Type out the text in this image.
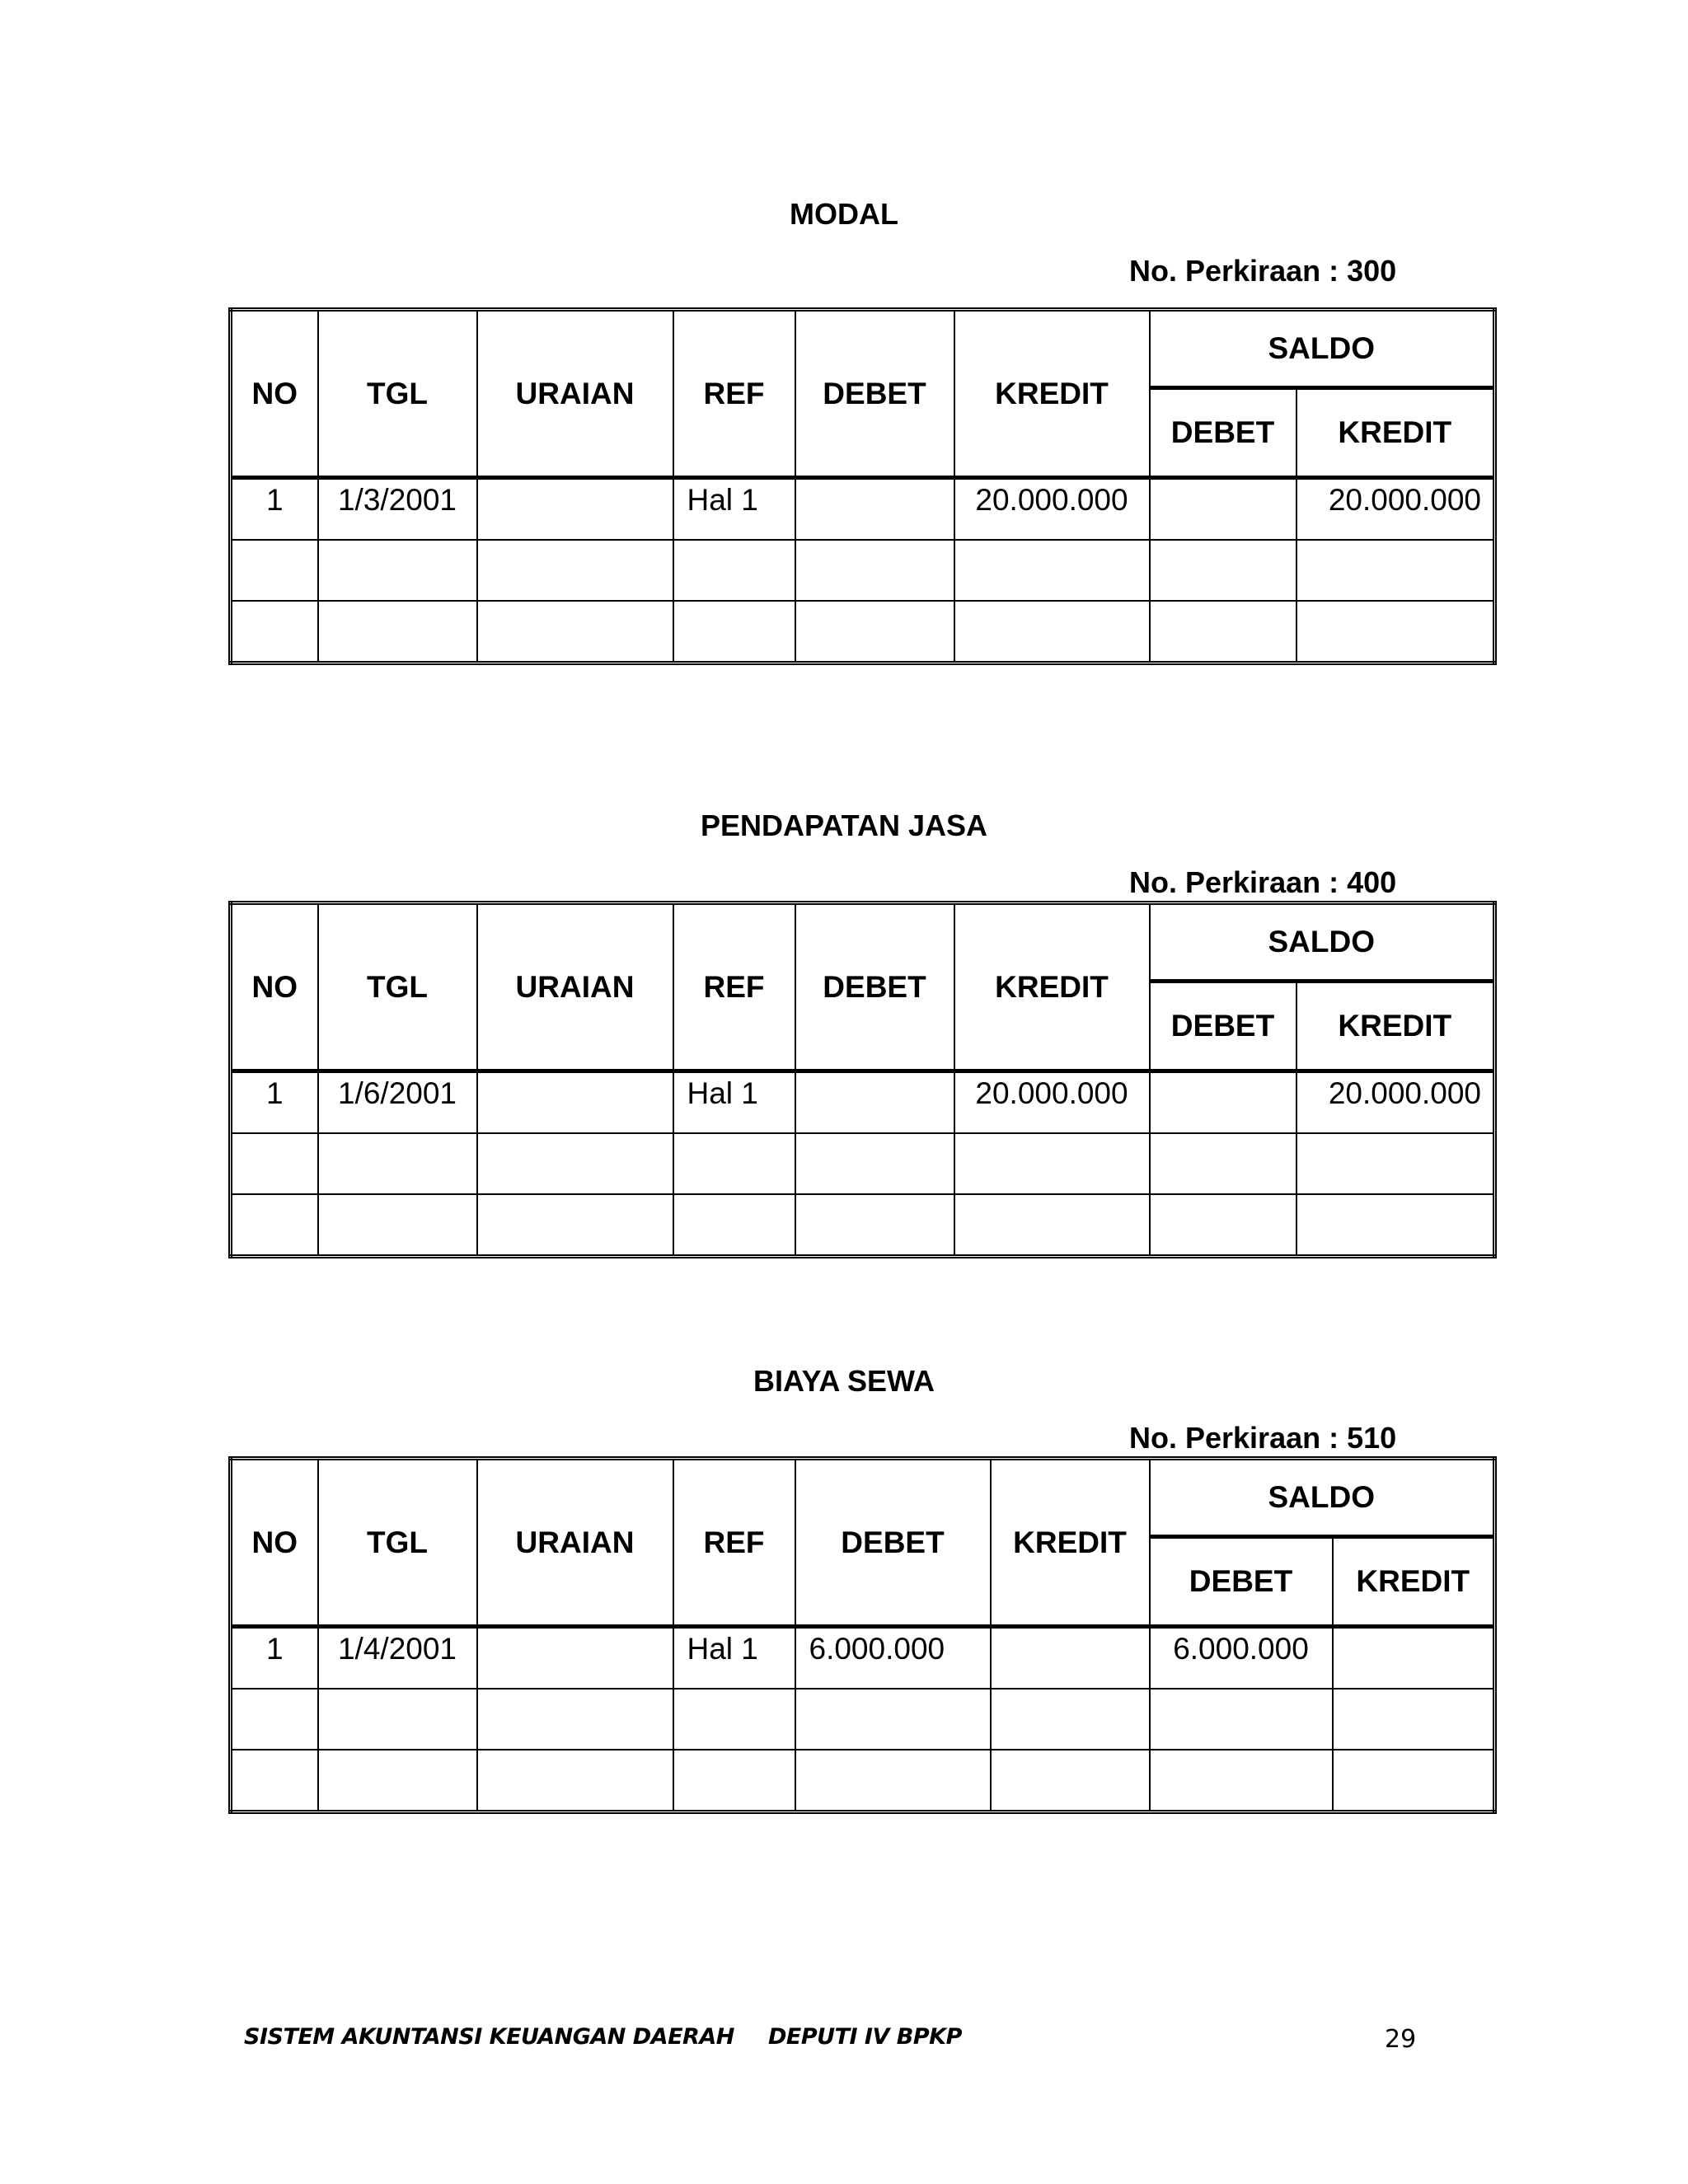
MODAL
No. Perkiraan : 300
NO	TGL	URAIAN	REF	DEBET	KREDIT	SALDO	
						DEBET	KREDIT
1	1/3/2001		Hal 1		20.000.000		20.000.000

PENDAPATAN JASA
No. Perkiraan : 400
NO	TGL	URAIAN	REF	DEBET	KREDIT	SALDO	
						DEBET	KREDIT
1	1/6/2001		Hal 1		20.000.000		20.000.000

BIAYA SEWA
No. Perkiraan : 510
NO	TGL	URAIAN	REF	DEBET	KREDIT	SALDO	
						DEBET	KREDIT
1	1/4/2001		Hal 1	6.000.000		6.000.000	

SISTEM AKUNTANSI KEUANGAN DAERAH DEPUTI IV BPKP	29
